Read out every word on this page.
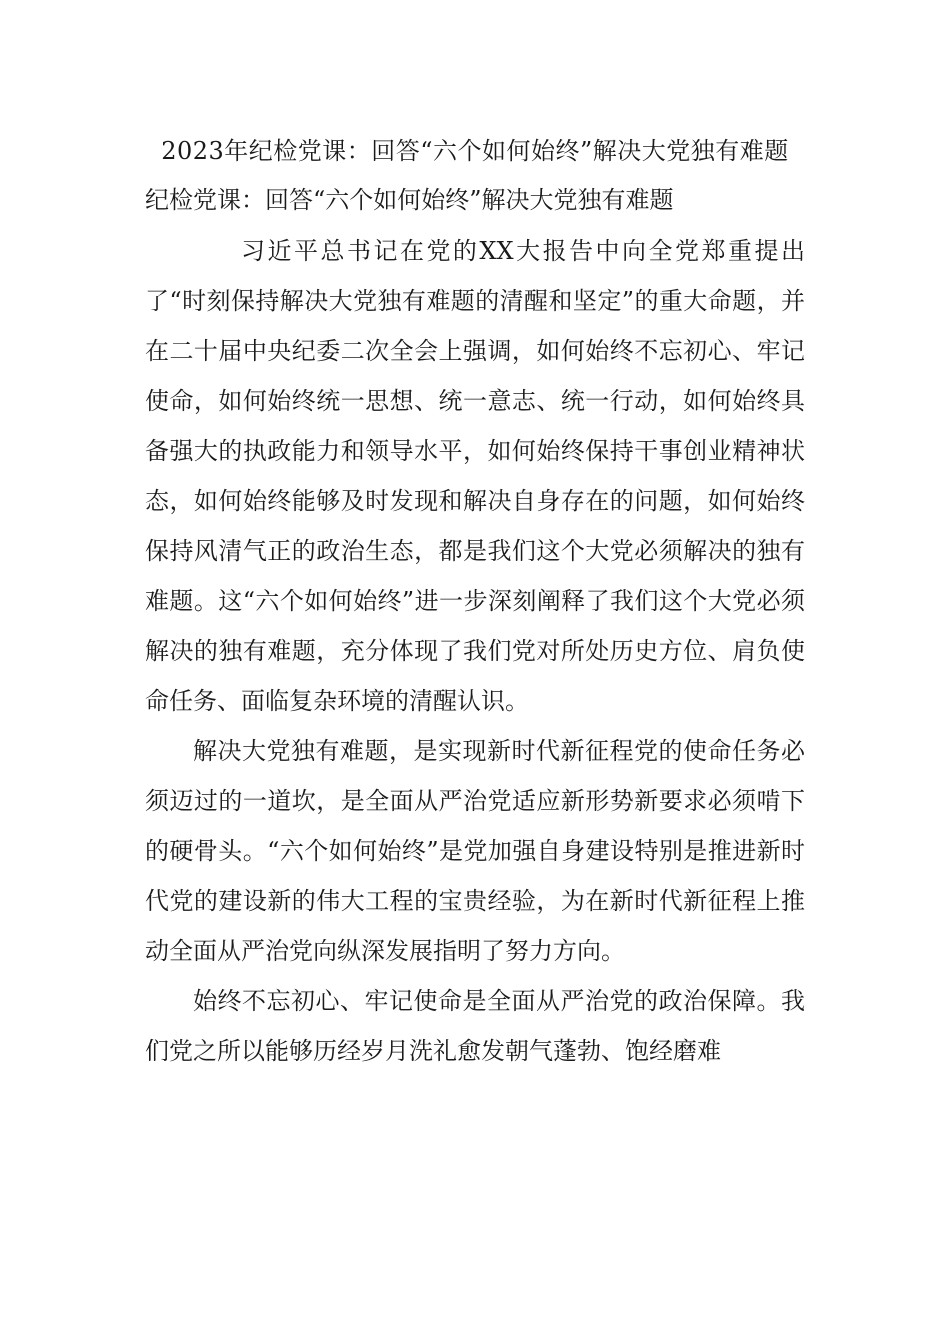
2023年纪检党课：回答“六个如何始终”解决大党独有难题

纪检党课：回答“六个如何始终”解决大党独有难题

习近平总书记在党的XX大报告中向全党郑重提出了“时刻保持解决大党独有难题的清醒和坚定”的重大命题，并在二十届中央纪委二次全会上强调，如何始终不忘初心、牢记使命，如何始终统一思想、统一意志、统一行动，如何始终具备强大的执政能力和领导水平，如何始终保持干事创业精神状态，如何始终能够及时发现和解决自身存在的问题，如何始终保持风清气正的政治生态，都是我们这个大党必须解决的独有难题。这“六个如何始终”进一步深刻阐释了我们这个大党必须解决的独有难题，充分体现了我们党对所处历史方位、肩负使命任务、面临复杂环境的清醒认识。

解决大党独有难题，是实现新时代新征程党的使命任务必须迈过的一道坎，是全面从严治党适应新形势新要求必须啃下的硬骨头。“六个如何始终”是党加强自身建设特别是推进新时代党的建设新的伟大工程的宝贵经验，为在新时代新征程上推动全面从严治党向纵深发展指明了努力方向。

始终不忘初心、牢记使命是全面从严治党的政治保障。我们党之所以能够历经岁月洗礼愈发朝气蓬勃、饱经磨难
